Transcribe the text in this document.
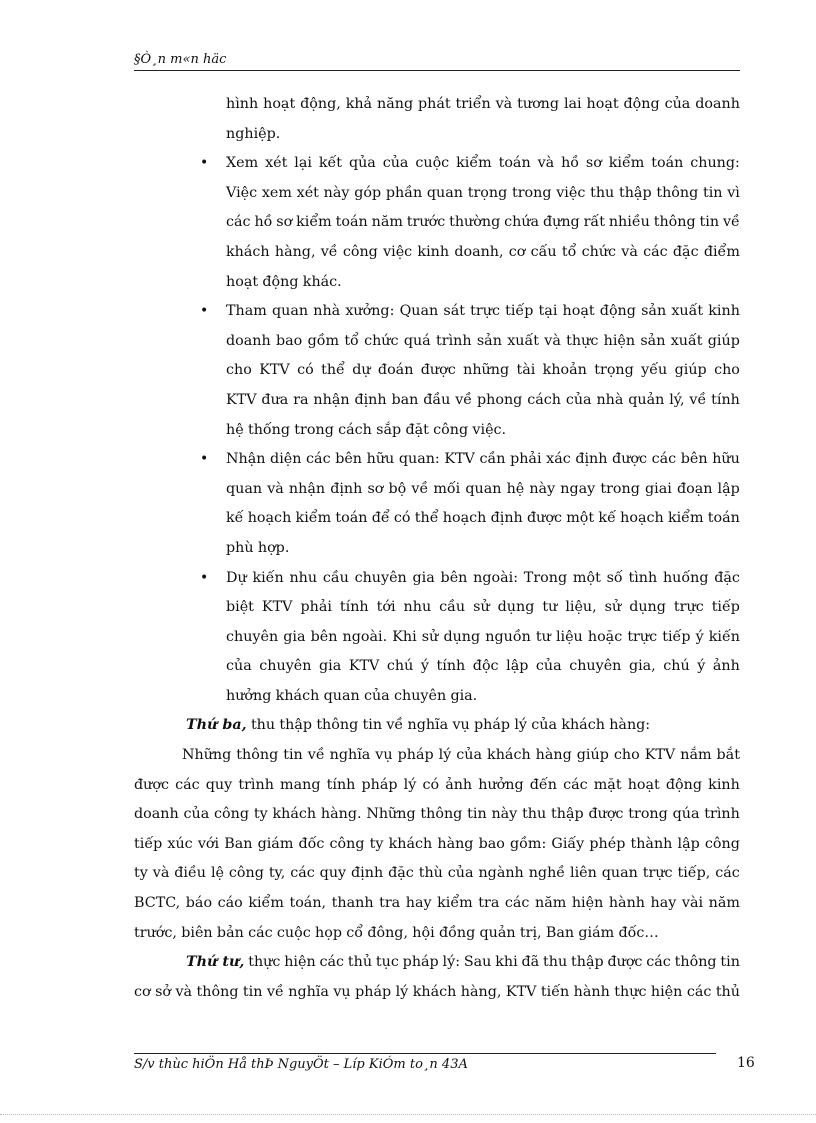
§Ò¸n m«n häc
hình hoạt động, khả năng phát triển và tương lai hoạt động của doanh
nghiệp.
• Xem xét lại kết qủa của cuộc kiểm toán và hồ sơ kiểm toán chung:
Việc xem xét này góp phần quan trọng trong việc thu thập thông tin vì
các hồ sơ kiểm toán năm trước thường chứa đựng rất nhiều thông tin về
khách hàng, về công việc kinh doanh, cơ cấu tổ chức và các đặc điểm
hoạt động khác.
• Tham quan nhà xưởng: Quan sát trực tiếp tại hoạt động sản xuất kinh
doanh bao gồm tổ chức quá trình sản xuất và thực hiện sản xuất giúp
cho KTV có thể dự đoán được những tài khoản trọng yếu giúp cho
KTV đưa ra nhận định ban đầu về phong cách của nhà quản lý, về tính
hệ thống trong cách sắp đặt công việc.
• Nhận diện các bên hữu quan: KTV cần phải xác định được các bên hữu
quan và nhận định sơ bộ về mối quan hệ này ngay trong giai đoạn lập
kế hoạch kiểm toán để có thể hoạch định được một kế hoạch kiểm toán
phù hợp.
• Dự kiến nhu cầu chuyên gia bên ngoài: Trong một số tình huống đặc
biệt KTV phải tính tới nhu cầu sử dụng tư liệu, sử dụng trực tiếp
chuyên gia bên ngoài. Khi sử dụng nguồn tư liệu hoặc trực tiếp ý kiến
của chuyên gia KTV chú ý tính độc lập của chuyên gia, chú ý ảnh
hưởng khách quan của chuyên gia.
Thứ ba, thu thập thông tin về nghĩa vụ pháp lý của khách hàng:
Những thông tin về nghĩa vụ pháp lý của khách hàng giúp cho KTV nắm bắt
được các quy trình mang tính pháp lý có ảnh hưởng đến các mặt hoạt động kinh
doanh của công ty khách hàng. Những thông tin này thu thập được trong qúa trình
tiếp xúc với Ban giám đốc công ty khách hàng bao gồm: Giấy phép thành lập công
ty và điều lệ công ty, các quy định đặc thù của ngành nghề liên quan trực tiếp, các
BCTC, báo cáo kiểm toán, thanh tra hay kiểm tra các năm hiện hành hay vài năm
trước, biên bản các cuộc họp cổ đông, hội đồng quản trị, Ban giám đốc…
Thứ tư, thực hiện các thủ tục pháp lý: Sau khi đã thu thập được các thông tin
cơ sở và thông tin về nghĩa vụ pháp lý khách hàng, KTV tiến hành thực hiện các thủ
S/v thùc hiÖn Hå thÞ NguyÖt – Líp KiÓm to¸n 43A	16
